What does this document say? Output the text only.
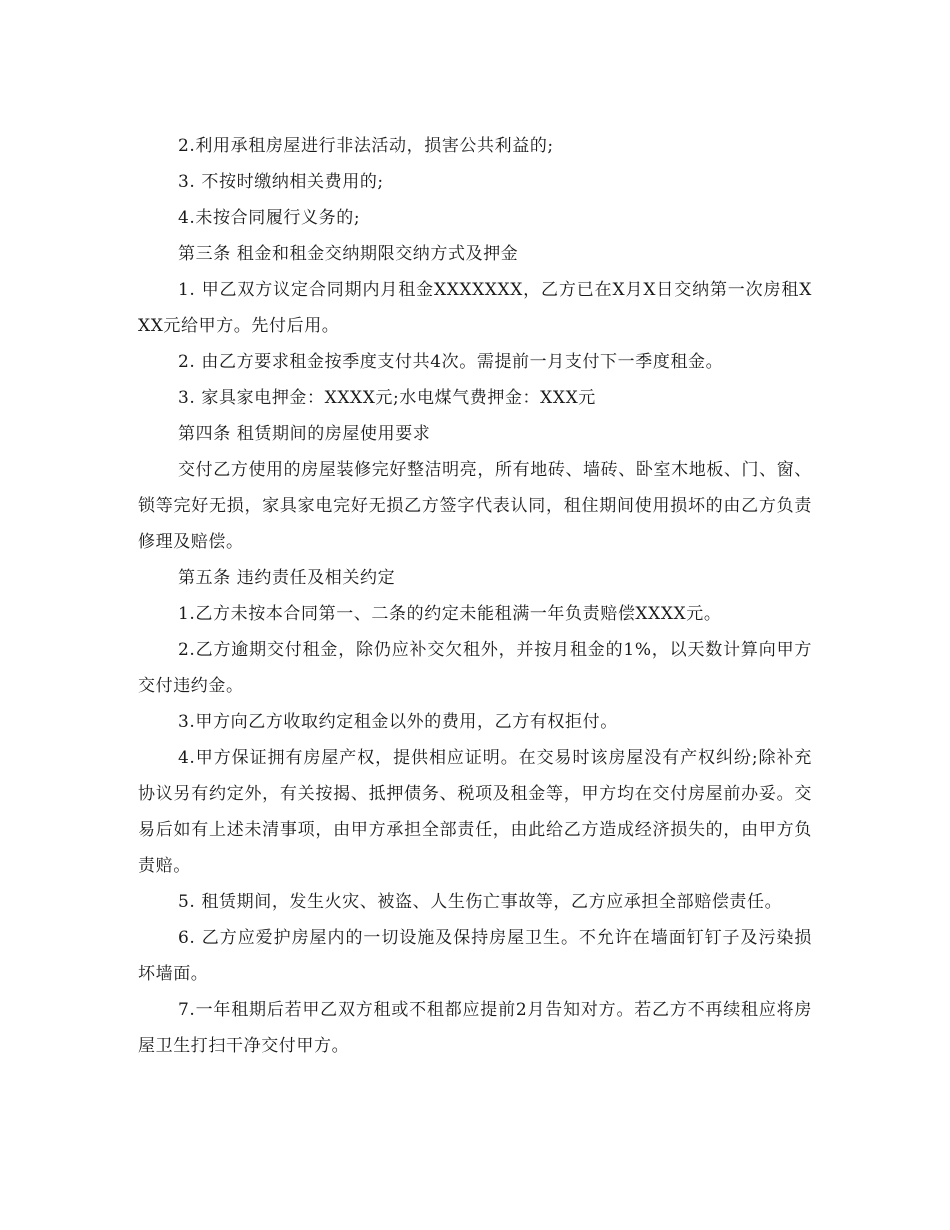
2.利用承租房屋进行非法活动，损害公共利益的;

3. 不按时缴纳相关费用的;

4.未按合同履行义务的;

第三条 租金和租金交纳期限交纳方式及押金

1. 甲乙双方议定合同期内月租金XXXXXXX，乙方已在X月X日交纳第一次房租XXX元给甲方。先付后用。

2. 由乙方要求租金按季度支付共4次。需提前一月支付下一季度租金。

3. 家具家电押金：XXXX元;水电煤气费押金：XXX元

第四条 租赁期间的房屋使用要求

交付乙方使用的房屋装修完好整洁明亮，所有地砖、墙砖、卧室木地板、门、窗、锁等完好无损，家具家电完好无损乙方签字代表认同，租住期间使用损坏的由乙方负责修理及赔偿。

第五条 违约责任及相关约定

1.乙方未按本合同第一、二条的约定未能租满一年负责赔偿XXXX元。

2.乙方逾期交付租金，除仍应补交欠租外，并按月租金的1%，以天数计算向甲方交付违约金。

3.甲方向乙方收取约定租金以外的费用，乙方有权拒付。

4.甲方保证拥有房屋产权，提供相应证明。在交易时该房屋没有产权纠纷;除补充协议另有约定外，有关按揭、抵押债务、税项及租金等，甲方均在交付房屋前办妥。交易后如有上述未清事项，由甲方承担全部责任，由此给乙方造成经济损失的，由甲方负责赔。

5. 租赁期间，发生火灾、被盗、人生伤亡事故等，乙方应承担全部赔偿责任。

6. 乙方应爱护房屋内的一切设施及保持房屋卫生。不允许在墙面钉钉子及污染损坏墙面。

7.一年租期后若甲乙双方租或不租都应提前2月告知对方。若乙方不再续租应将房屋卫生打扫干净交付甲方。
